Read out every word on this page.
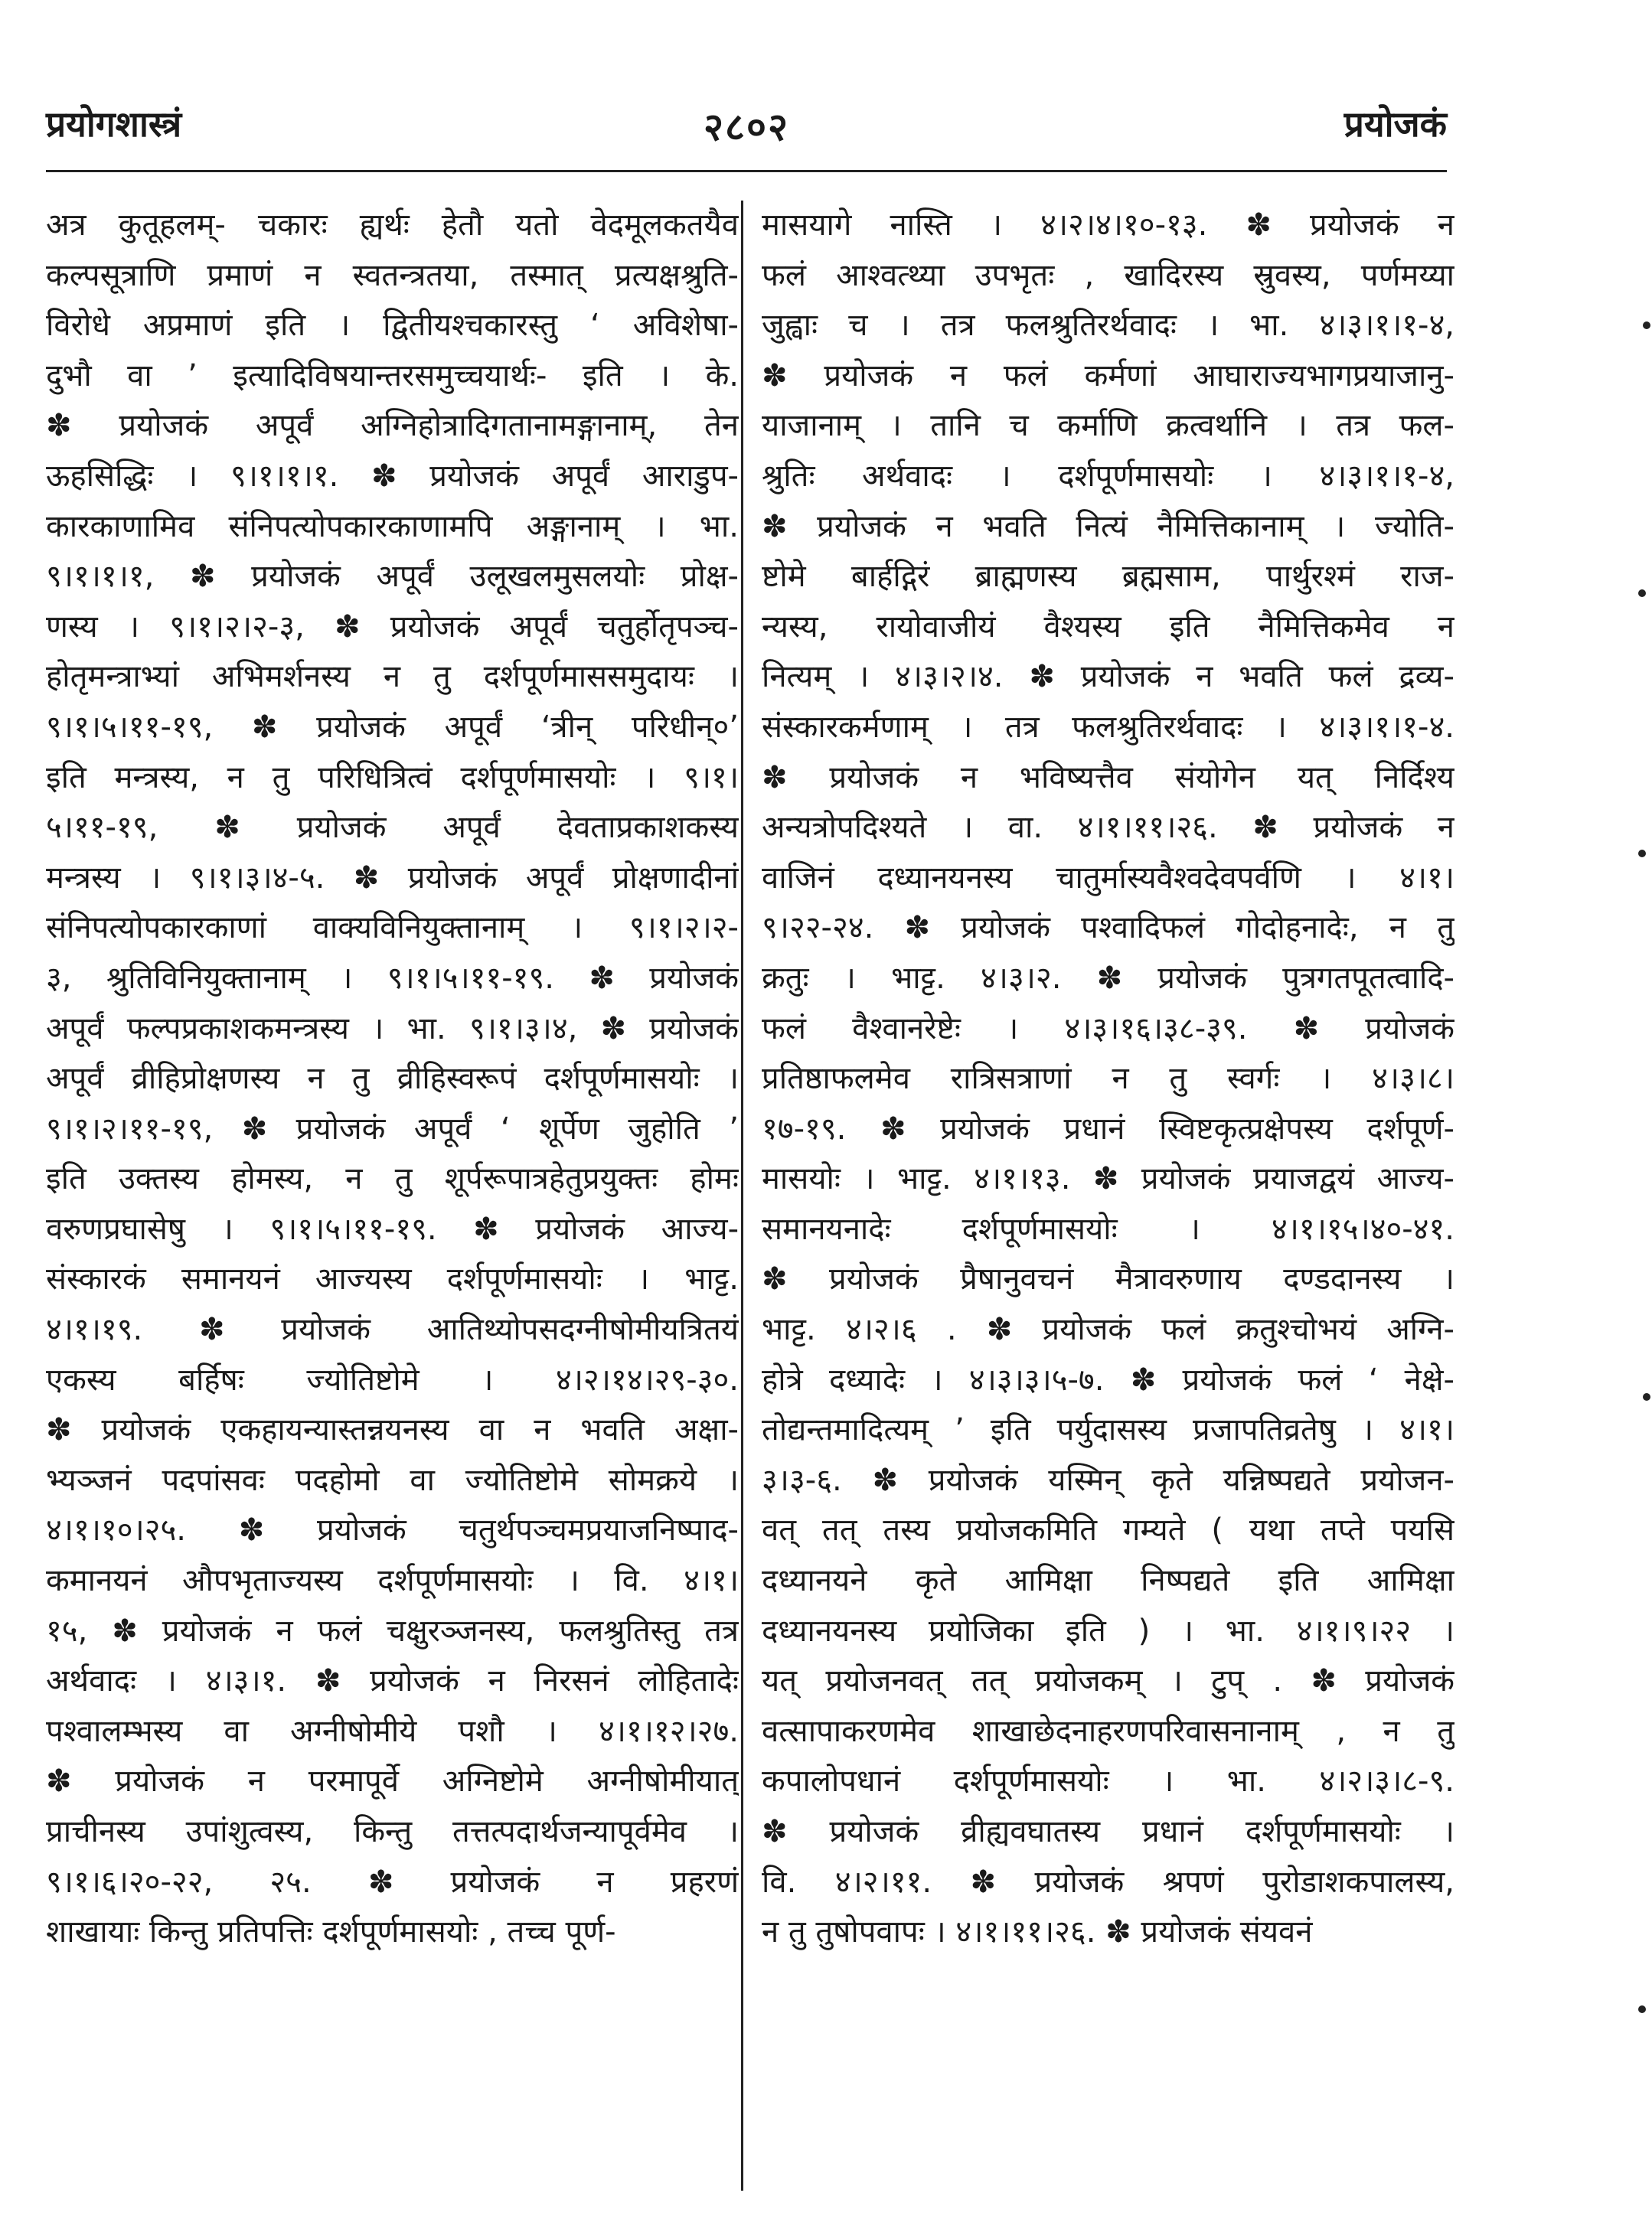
२८०२
प्रयोगशास्त्रं	प्रयोजकं
अत्र कुतूहलम्- चकारः ह्यर्थः हेतौ यतो वेदमूलकतयैव
कल्पसूत्राणि प्रमाणं न स्वतन्त्रतया, तस्मात् प्रत्यक्षश्रुति-
विरोधे अप्रमाणं इति । द्वितीयश्चकारस्तु ‘ अविशेषा-
दुभौ वा ’ इत्यादिविषयान्तरसमुच्चयार्थः- इति । के.
✽ प्रयोजकं अपूर्वं अग्निहोत्रादिगतानामङ्गानाम्, तेन
ऊहसिद्धिः । ९।१।१।१. ✽ प्रयोजकं अपूर्वं आराडुप-
कारकाणामिव संनिपत्योपकारकाणामपि अङ्गानाम् । भा.
९।१।१।१, ✽ प्रयोजकं अपूर्वं उलूखलमुसलयोः प्रोक्ष-
णस्य । ९।१।२।२-३, ✽ प्रयोजकं अपूर्वं चतुर्होतृपञ्च-
होतृमन्त्राभ्यां अभिमर्शनस्य न तु दर्शपूर्णमाससमुदायः ।
९।१।५।११-१९, ✽ प्रयोजकं अपूर्वं ‘त्रीन् परिधीन्०’
इति मन्त्रस्य, न तु परिधित्रित्वं दर्शपूर्णमासयोः । ९।१।
५।११-१९, ✽ प्रयोजकं अपूर्वं देवताप्रकाशकस्य
मन्त्रस्य । ९।१।३।४-५. ✽ प्रयोजकं अपूर्वं प्रोक्षणादीनां
संनिपत्योपकारकाणां वाक्यविनियुक्तानाम् । ९।१।२।२-
३, श्रुतिविनियुक्तानाम् । ९।१।५।११-१९. ✽ प्रयोजकं
अपूर्वं फल्पप्रकाशकमन्त्रस्य । भा. ९।१।३।४, ✽ प्रयोजकं
अपूर्वं व्रीहिप्रोक्षणस्य न तु व्रीहिस्वरूपं दर्शपूर्णमासयोः ।
९।१।२।११-१९, ✽ प्रयोजकं अपूर्वं ‘ शूर्पेण जुहोति ’
इति उक्तस्य होमस्य, न तु शूर्परूपात्रहेतुप्रयुक्तः होमः
वरुणप्रघासेषु । ९।१।५।११-१९. ✽ प्रयोजकं आज्य-
संस्कारकं समानयनं आज्यस्य दर्शपूर्णमासयोः । भाट्ट.
४।१।१९. ✽ प्रयोजकं आतिथ्योपसदग्नीषोमीयत्रितयं
एकस्य बर्हिषः ज्योतिष्टोमे । ४।२।१४।२९-३०.
✽ प्रयोजकं एकहायन्यास्तन्नयनस्य वा न भवति अक्षा-
भ्यञ्जनं पदपांसवः पदहोमो वा ज्योतिष्टोमे सोमक्रये ।
४।१।१०।२५. ✽ प्रयोजकं चतुर्थपञ्चमप्रयाजनिष्पाद-
कमानयनं औपभृताज्यस्य दर्शपूर्णमासयोः । वि. ४।१।
१५, ✽ प्रयोजकं न फलं चक्षुरञ्जनस्य, फलश्रुतिस्तु तत्र
अर्थवादः । ४।३।१. ✽ प्रयोजकं न निरसनं लोहितादेः
पश्वालम्भस्य वा अग्नीषोमीये पशौ । ४।१।१२।२७.
✽ प्रयोजकं न परमापूर्वे अग्निष्टोमे अग्नीषोमीयात्
प्राचीनस्य उपांशुत्वस्य, किन्तु तत्तत्पदार्थजन्यापूर्वमेव ।
९।१।६।२०-२२, २५. ✽ प्रयोजकं न प्रहरणं
शाखायाः किन्तु प्रतिपत्तिः दर्शपूर्णमासयोः , तच्च पूर्ण-
मासयागे नास्ति । ४।२।४।१०-१३. ✽ प्रयोजकं न
फलं आश्वत्थ्या उपभृतः , खादिरस्य स्रुवस्य, पर्णमय्या
जुह्वाः च । तत्र फलश्रुतिरर्थवादः । भा. ४।३।१।१-४,
✽ प्रयोजकं न फलं कर्मणां आघाराज्यभागप्रयाजानु-
याजानाम् । तानि च कर्माणि क्रत्वर्थानि । तत्र फल-
श्रुतिः अर्थवादः । दर्शपूर्णमासयोः । ४।३।१।१-४,
✽ प्रयोजकं न भवति नित्यं नैमित्तिकानाम् । ज्योति-
ष्टोमे बार्हद्गिरं ब्राह्मणस्य ब्रह्मसाम, पार्थुरश्मं राज-
न्यस्य, रायोवाजीयं वैश्यस्य इति नैमित्तिकमेव न
नित्यम् । ४।३।२।४. ✽ प्रयोजकं न भवति फलं द्रव्य-
संस्कारकर्मणाम् । तत्र फलश्रुतिरर्थवादः । ४।३।१।१-४.
✽ प्रयोजकं न भविष्यत्तैव संयोगेन यत् निर्दिश्य
अन्यत्रोपदिश्यते । वा. ४।१।११।२६. ✽ प्रयोजकं न
वाजिनं दध्यानयनस्य चातुर्मास्यवैश्वदेवपर्वणि । ४।१।
९।२२-२४. ✽ प्रयोजकं पश्वादिफलं गोदोहनादेः, न तु
क्रतुः । भाट्ट. ४।३।२. ✽ प्रयोजकं पुत्रगतपूतत्वादि-
फलं वैश्वानरेष्टेः । ४।३।१६।३८-३९. ✽ प्रयोजकं
प्रतिष्ठाफलमेव रात्रिसत्राणां न तु स्वर्गः । ४।३।८।
१७-१९. ✽ प्रयोजकं प्रधानं स्विष्टकृत्प्रक्षेपस्य दर्शपूर्ण-
मासयोः । भाट्ट. ४।१।१३. ✽ प्रयोजकं प्रयाजद्वयं आज्य-
समानयनादेः दर्शपूर्णमासयोः । ४।१।१५।४०-४१.
✽ प्रयोजकं प्रैषानुवचनं मैत्रावरुणाय दण्डदानस्य ।
भाट्ट. ४।२।६ . ✽ प्रयोजकं फलं क्रतुश्चोभयं अग्नि-
होत्रे दध्यादेः । ४।३।३।५-७. ✽ प्रयोजकं फलं ‘ नेक्षे-
तोद्यन्तमादित्यम् ’ इति पर्युदासस्य प्रजापतिव्रतेषु । ४।१।
३।३-६. ✽ प्रयोजकं यस्मिन् कृते यन्निष्पद्यते प्रयोजन-
वत् तत् तस्य प्रयोजकमिति गम्यते ( यथा तप्ते पयसि
दध्यानयने कृते आमिक्षा निष्पद्यते इति आमिक्षा
दध्यानयनस्य प्रयोजिका इति ) । भा. ४।१।९।२२ ।
यत् प्रयोजनवत् तत् प्रयोजकम् । टुप् . ✽ प्रयोजकं
वत्सापाकरणमेव शाखाछेदनाहरणपरिवासनानाम् , न तु
कपालोपधानं दर्शपूर्णमासयोः । भा. ४।२।३।८-९.
✽ प्रयोजकं व्रीह्यवघातस्य प्रधानं दर्शपूर्णमासयोः ।
वि. ४।२।११. ✽ प्रयोजकं श्रपणं पुरोडाशकपालस्य,
न तु तुषोपवापः । ४।१।११।२६. ✽ प्रयोजकं संयवनं
